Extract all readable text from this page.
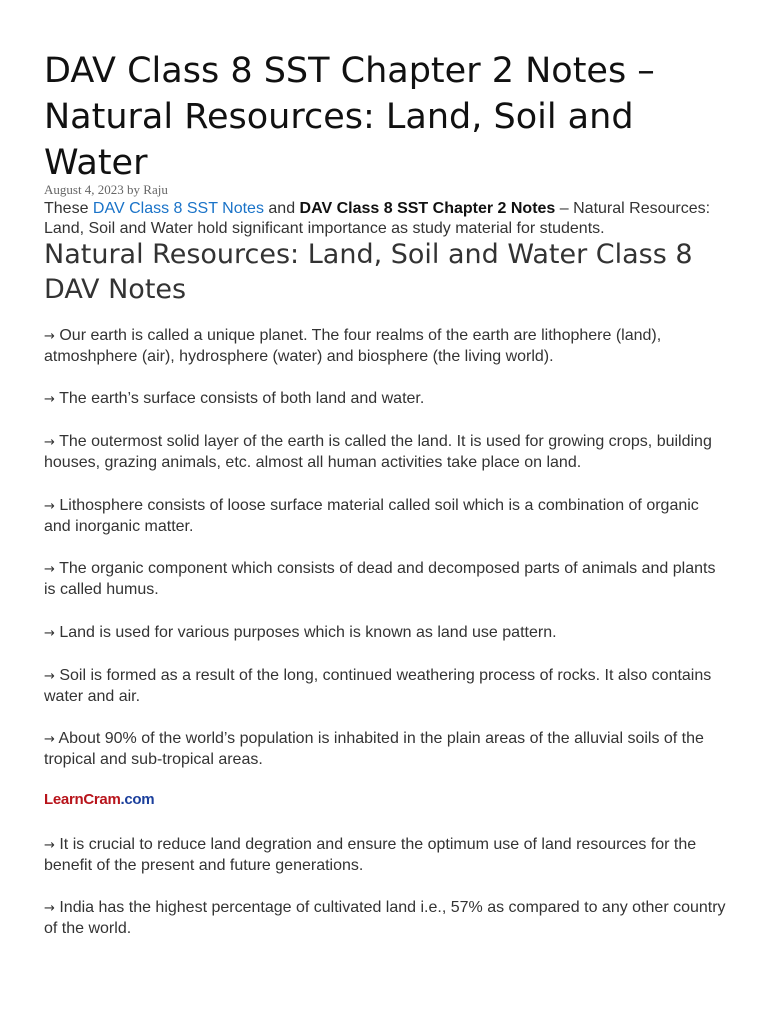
DAV Class 8 SST Chapter 2 Notes – Natural Resources: Land, Soil and Water
August 4, 2023 by Raju

These DAV Class 8 SST Notes and DAV Class 8 SST Chapter 2 Notes – Natural Resources: Land, Soil and Water hold significant importance as study material for students.

Natural Resources: Land, Soil and Water Class 8 DAV Notes

→ Our earth is called a unique planet. The four realms of the earth are lithophere (land), atmoshphere (air), hydrosphere (water) and biosphere (the living world).

→ The earth’s surface consists of both land and water.

→ The outermost solid layer of the earth is called the land. It is used for growing crops, building houses, grazing animals, etc. almost all human activities take place on land.

→ Lithosphere consists of loose surface material called soil which is a combination of organic and inorganic matter.

→ The organic component which consists of dead and decomposed parts of animals and plants is called humus.

→ Land is used for various purposes which is known as land use pattern.

→ Soil is formed as a result of the long, continued weathering process of rocks. It also contains water and air.

→ About 90% of the world’s population is inhabited in the plain areas of the alluvial soils of the tropical and sub-tropical areas.

LearnCram.com

→ It is crucial to reduce land degration and ensure the optimum use of land resources for the benefit of the present and future generations.

→ India has the highest percentage of cultivated land i.e., 57% as compared to any other country of the world.
